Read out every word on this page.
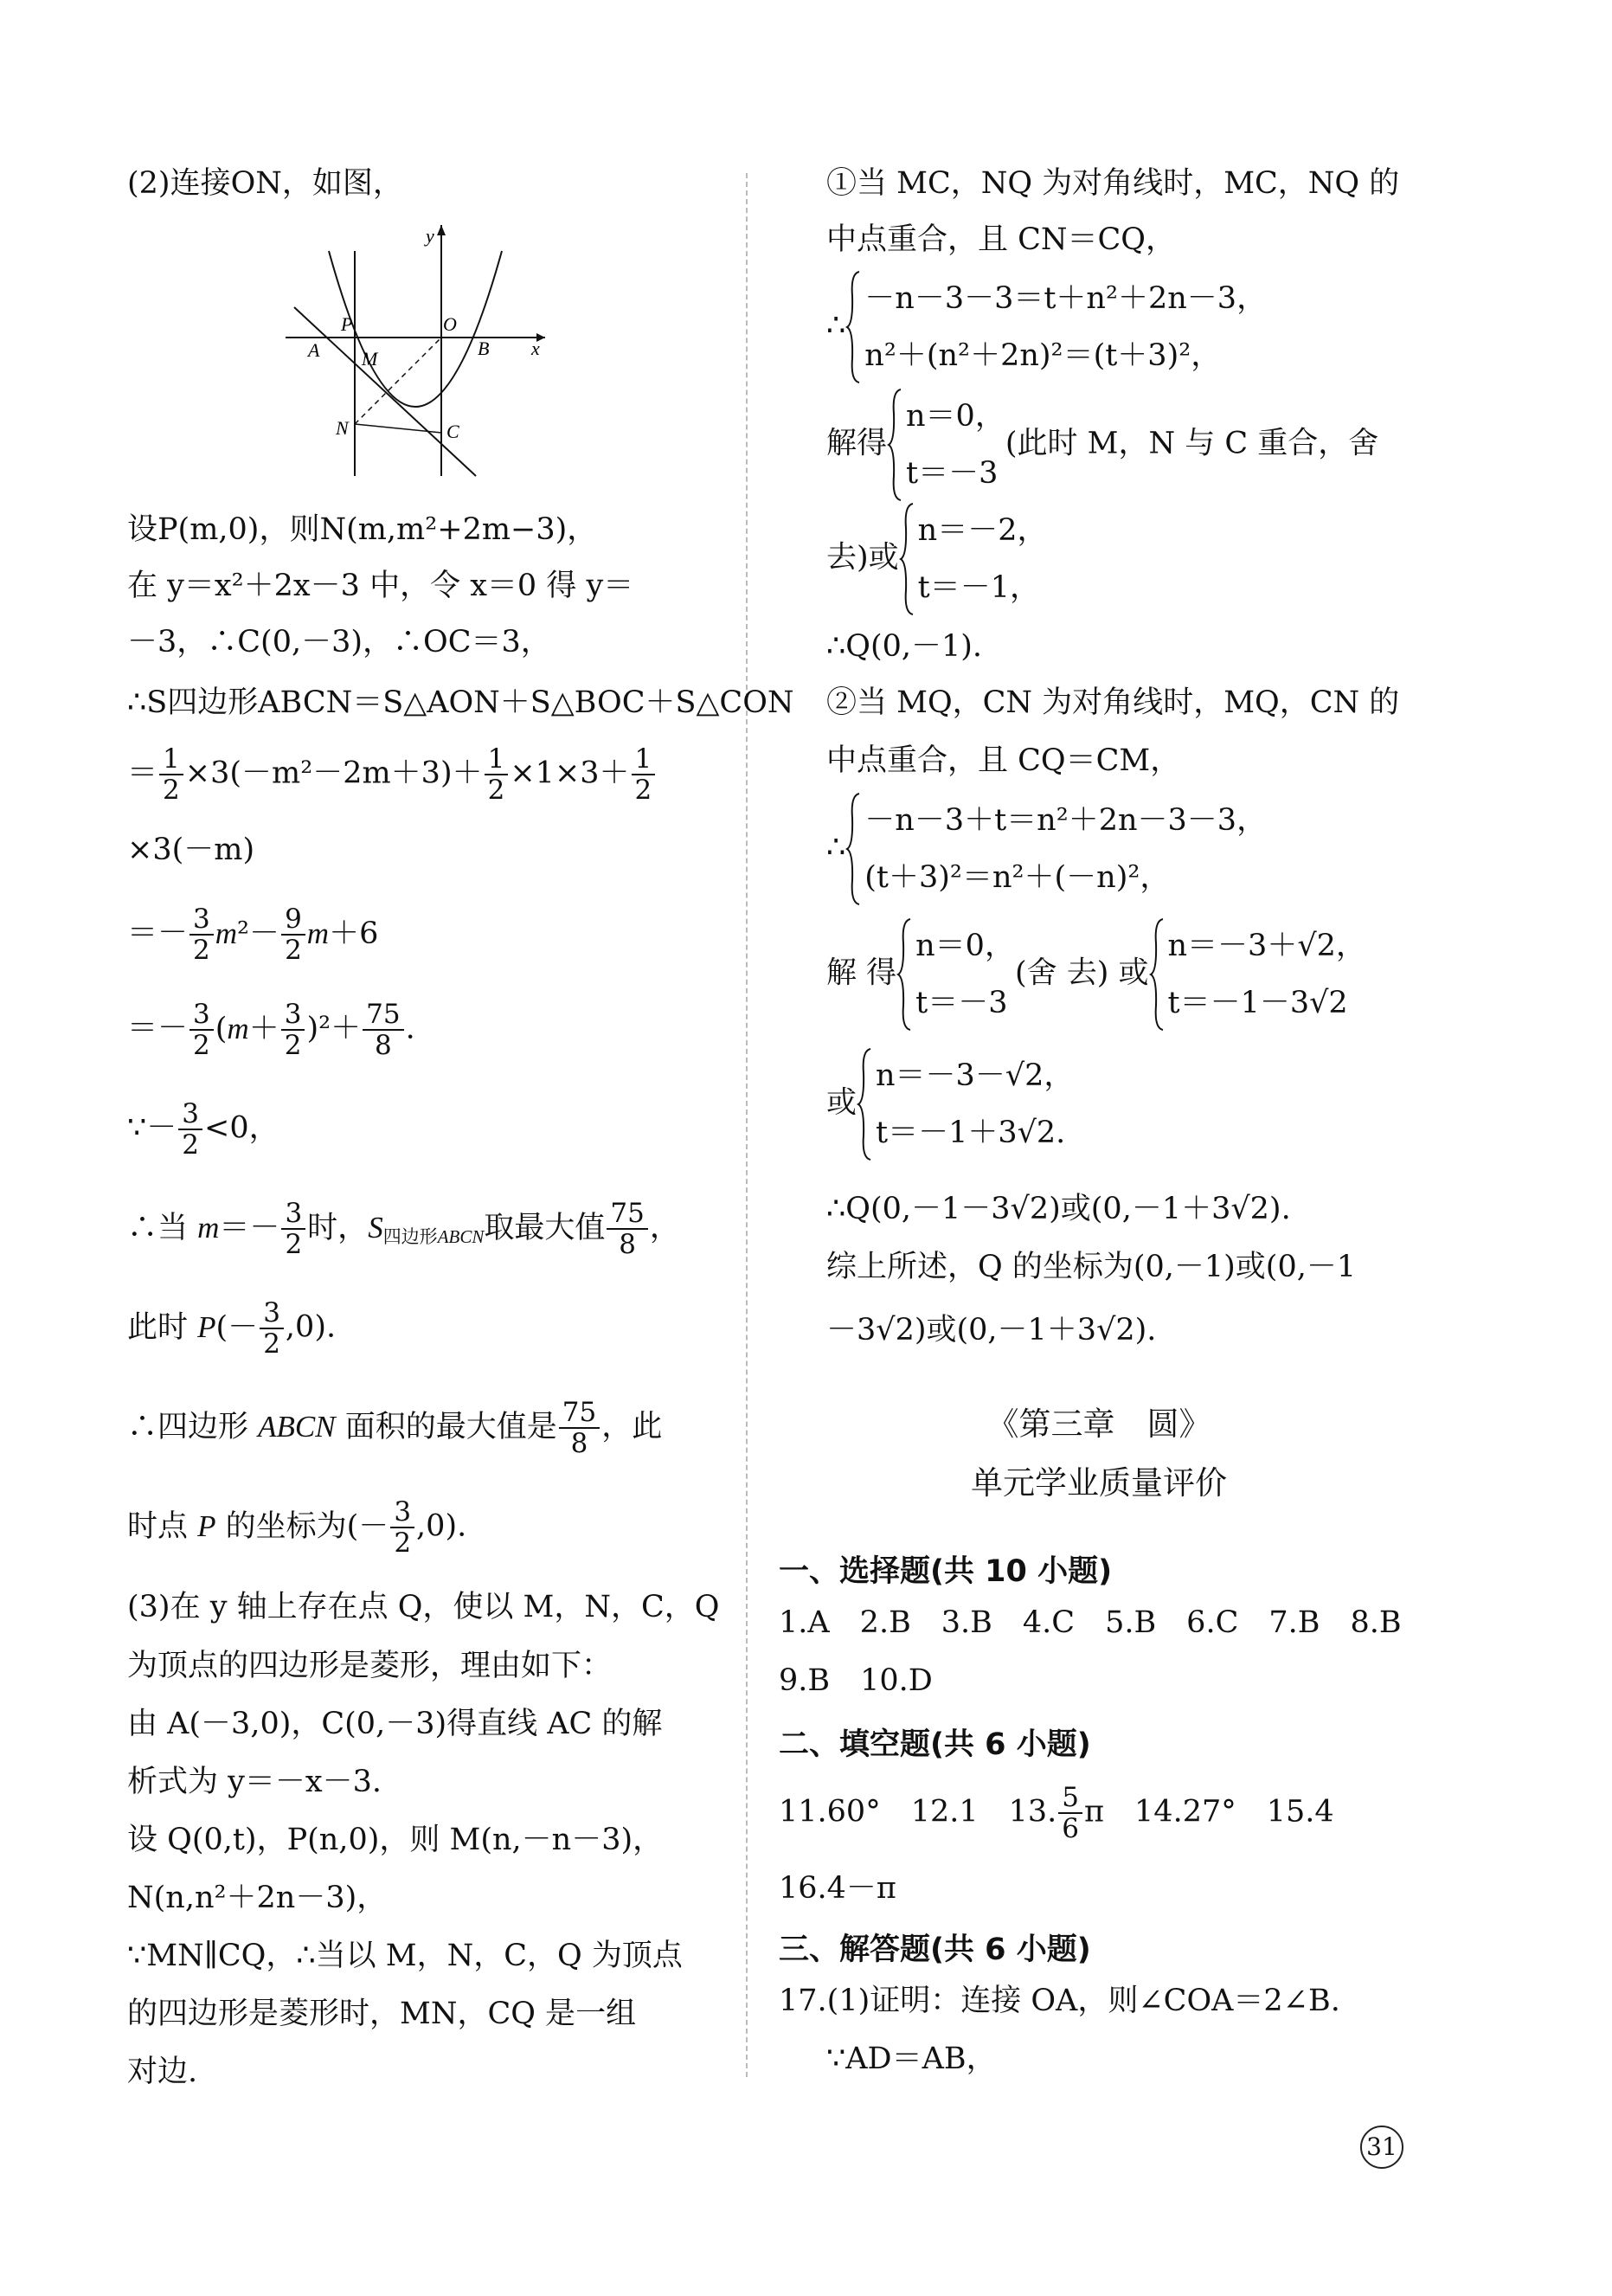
(2)连接ON，如图，
y
x
P	O
A M	B
N	C
设P(m,0)，则N(m,m²+2m−3)，
在 y＝x²＋2x－3 中，令 x＝0 得 y＝
－3，∴C(0,－3)，∴OC＝3，
∴S四边形ABCN＝S△AON＋S△BOC＋S△CON
＝ $\frac{1}{2} \times 3(-m^2-2m+3)+ \frac{1}{2} \times 1\times 3+ \frac{1}{2}$
×3(－m)
＝－ $\frac{3}{2} m^2- \frac{9}{2} m+6$
＝－ $\frac{3}{2} (m+ \frac{3}{2} )^2+ \frac{75}{8}$ .
∵－ $\frac{3}{2} <0$，
∴当 $m=- \frac{3}{2}$ 时，$S_{四边形ABCN}$取最大值 $\frac{75}{8}$ ，
此时 $P(- \frac{3}{2} ,0)$.
∴四边形 ABCN 面积的最大值是 $\frac{75}{8}$ ，此
时点 P 的坐标为(－ $\frac{3}{2} ,0$).
(3)在 y 轴上存在点 Q，使以 M，N，C，Q
为顶点的四边形是菱形，理由如下：
由 A(－3,0)，C(0,－3)得直线 AC 的解
析式为 y＝－x－3.
设 Q(0,t)，P(n,0)，则 M(n,－n－3)，
N(n,n²＋2n－3)，
∵MN∥CQ，∴当以 M，N，C，Q 为顶点
的四边形是菱形时，MN，CQ 是一组
对边.
①当 MC，NQ 为对角线时，MC，NQ 的
中点重合，且 CN＝CQ，
∴
－n－3－3＝t＋n²＋2n－3，
n²＋(n²＋2n)²＝(t＋3)²，
解得
n＝0，
t＝－3
(此时 M，N 与 C 重合，舍
去)或
n＝－2，
t＝－1，
∴Q(0,－1).
②当 MQ，CN 为对角线时，MQ，CN 的
中点重合，且 CQ＝CM，
∴
－n－3＋t＝n²＋2n－3－3，
(t＋3)²＝n²＋(－n)²，
解 得
n＝0，
t＝－3
(舍 去) 或
n＝－3＋√2，
t＝－1－3√2
或
n＝－3－√2，
t＝－1＋3√2.
∴Q(0,－1－3√2)或(0,－1＋3√2).
综上所述，Q 的坐标为(0,－1)或(0,－1
－3√2)或(0,－1＋3√2).
《第三章　圆》
单元学业质量评价
一、选择题(共 10 小题)
1.A　2.B　3.B　4.C　5.B　6.C　7.B　8.B
9.B　10.D
二、填空题(共 6 小题)
11.60°　12.1　13. $\frac{5}{6}$ π　14.27°　15.4
16.4－π
三、解答题(共 6 小题)
17.(1)证明：连接 OA，则∠COA＝2∠B.
∵AD＝AB，
31
